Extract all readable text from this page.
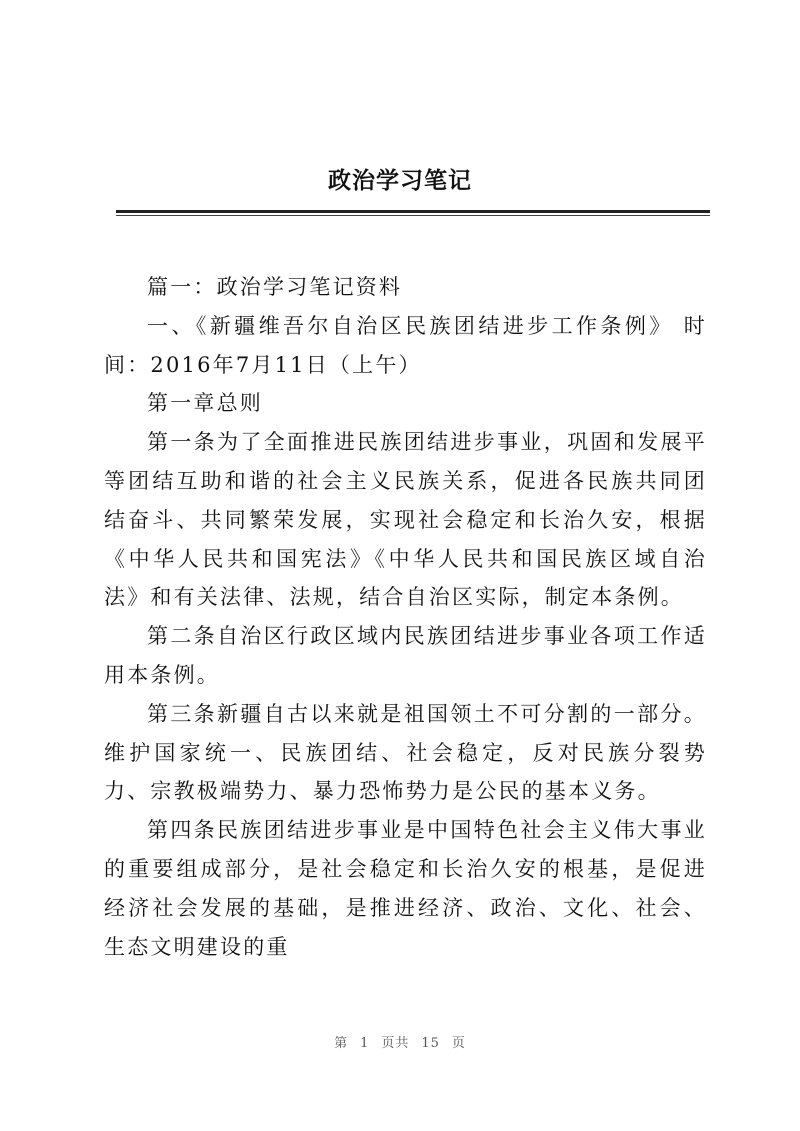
政治学习笔记

篇一：政治学习笔记资料

一、《新疆维吾尔自治区民族团结进步工作条例》 时间：2016年7月11日（上午）

第一章总则

第一条为了全面推进民族团结进步事业，巩固和发展平等团结互助和谐的社会主义民族关系，促进各民族共同团结奋斗、共同繁荣发展，实现社会稳定和长治久安，根据《中华人民共和国宪法》《中华人民共和国民族区域自治法》和有关法律、法规，结合自治区实际，制定本条例。

第二条自治区行政区域内民族团结进步事业各项工作适用本条例。

第三条新疆自古以来就是祖国领土不可分割的一部分。维护国家统一、民族团结、社会稳定，反对民族分裂势力、宗教极端势力、暴力恐怖势力是公民的基本义务。

第四条民族团结进步事业是中国特色社会主义伟大事业的重要组成部分，是社会稳定和长治久安的根基，是促进经济社会发展的基础，是推进经济、政治、文化、社会、生态文明建设的重

第 1 页共 15 页
